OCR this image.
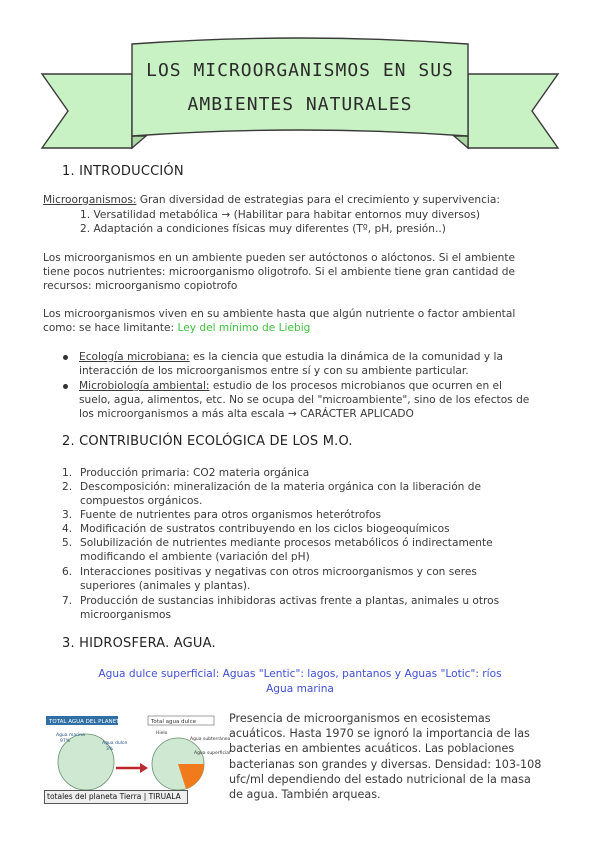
LOS MICROORGANISMOS EN SUS
AMBIENTES NATURALES
1. INTRODUCCIÓN
Microorganismos: Gran diversidad de estrategias para el crecimiento y supervivencia:
1. Versatilidad metabólica → (Habilitar para habitar entornos muy diversos)
2. Adaptación a condiciones físicas muy diferentes (Tº, pH, presión..)
Los microorganismos en un ambiente pueden ser autóctonos o alóctonos. Si el ambiente
tiene pocos nutrientes: microorganismo oligotrofo. Si el ambiente tiene gran cantidad de
recursos: microorganismo copiotrofo
Los microorganismos viven en su ambiente hasta que algún nutriente o factor ambiental
como: se hace limitante: Ley del mínimo de Liebig
Ecología microbiana: es la ciencia que estudia la dinámica de la comunidad y la
interacción de los microorganismos entre sí y con su ambiente particular.
Microbiología ambiental: estudio de los procesos microbianos que ocurren en el
suelo, agua, alimentos, etc. No se ocupa del "microambiente", sino de los efectos de
los microorganismos a más alta escala → CARÁCTER APLICADO
2. CONTRIBUCIÓN ECOLÓGICA DE LOS M.O.
1. Producción primaria: CO2 materia orgánica
2. Descomposición: mineralización de la materia orgánica con la liberación de
compuestos orgánicos.
3. Fuente de nutrientes para otros organismos heterótrofos
4. Modificación de sustratos contribuyendo en los ciclos biogeoquímicos
5. Solubilización de nutrientes mediante procesos metabólicos ó indirectamente
modificando el ambiente (variación del pH)
6. Interacciones positivas y negativas con otros microorganismos y con seres
superiores (animales y plantas).
7. Producción de sustancias inhibidoras activas frente a plantas, animales u otros
microorganismos
3. HIDROSFERA. AGUA.
Agua dulce superficial: Aguas "Lentic": lagos, pantanos y Aguas "Lotic": ríos
Agua marina
TOTAL AGUA DEL PLANETA	Total agua dulce
Agua marina
97%	Agua dulce
3%
Hielo
Agua subterránea
Agua superficial
totales del planeta Tierra | TIRUALA
Presencia de microorganismos en ecosistemas
acuáticos. Hasta 1970 se ignoró la importancia de las
bacterias en ambientes acuáticos. Las poblaciones
bacterianas son grandes y diversas. Densidad: 103-108
ufc/ml dependiendo del estado nutricional de la masa
de agua. También arqueas.
